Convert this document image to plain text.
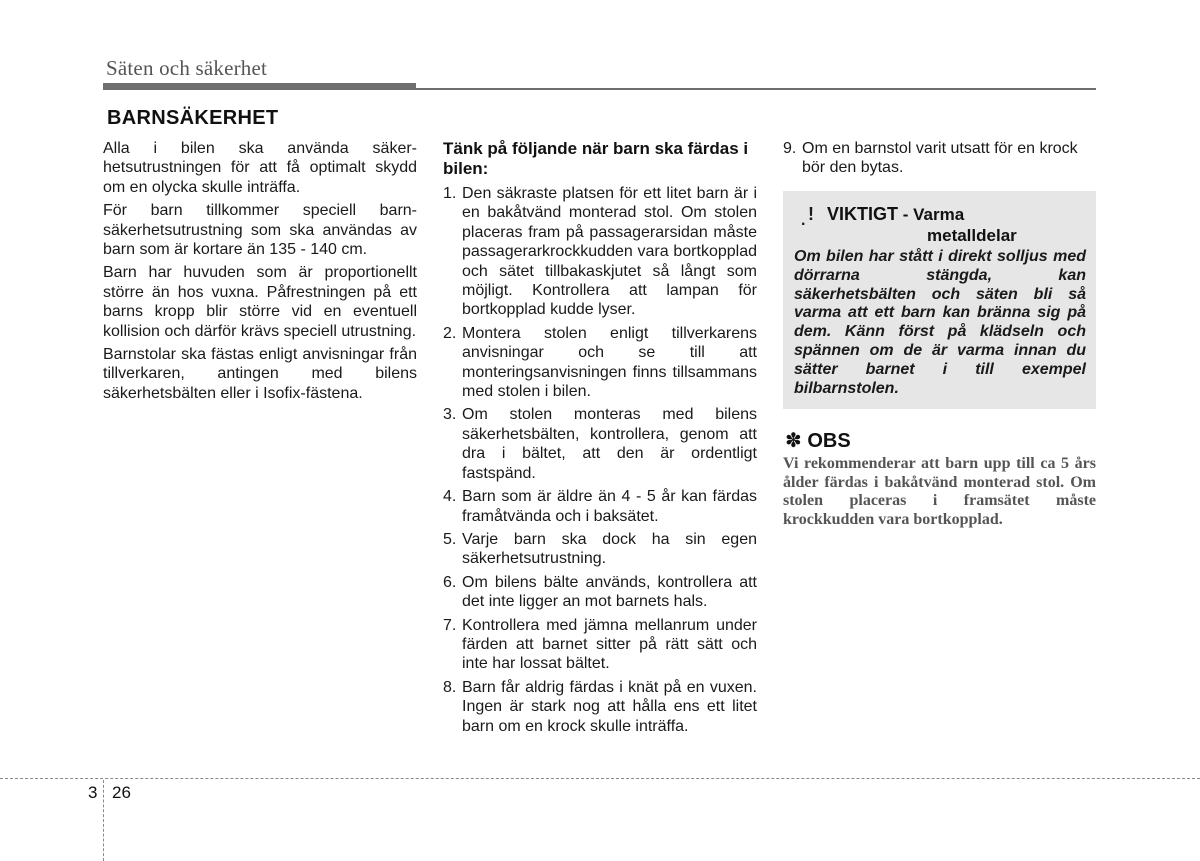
Säten och säkerhet
BARNSÄKERHET

Alla i bilen ska använda säkerhetsutrustningen för att få optimalt skydd om en olycka skulle inträffa.

För barn tillkommer speciell barnsäkerhetsutrustning som ska användas av barn som är kortare än 135 - 140 cm.

Barn har huvuden som är proportionellt större än hos vuxna. Påfrestningen på ett barns kropp blir större vid en eventuell kollision och därför krävs speciell utrustning.

Barnstolar ska fästas enligt anvisningar från tillverkaren, antingen med bilens säkerhetsbälten eller i Isofix-fästena.

Tänk på följande när barn ska färdas i bilen:
1. Den säkraste platsen för ett litet barn är i en bakåtvänd monterad stol. Om stolen placeras fram på passagerarsidan måste passagerarkrockkudden vara bortkopplad och sätet tillbakaskjutet så långt som möjligt. Kontrollera att lampan för bortkopplad kudde lyser.
2. Montera stolen enligt tillverkarens anvisningar och se till att monteringsanvisningen finns tillsammans med stolen i bilen.
3. Om stolen monteras med bilens säkerhetsbälten, kontrollera, genom att dra i bältet, att den är ordentligt fastspänd.
4. Barn som är äldre än 4 - 5 år kan färdas framåtvända och i baksätet.
5. Varje barn ska dock ha sin egen säkerhetsutrustning.
6. Om bilens bälte används, kontrollera att det inte ligger an mot barnets hals.
7. Kontrollera med jämna mellanrum under färden att barnet sitter på rätt sätt och inte har lossat bältet.
8. Barn får aldrig färdas i knät på en vuxen. Ingen är stark nog att hålla ens ett litet barn om en krock skulle inträffa.
9. Om en barnstol varit utsatt för en krock bör den bytas.
. ! VIKTIGT - Varma
metalldelar
Om bilen har stått i direkt solljus med dörrarna stängda, kan säkerhetsbälten och säten bli så varma att ett barn kan bränna sig på dem. Känn först på klädseln och spännen om de är varma innan du sätter barnet i till exempel bilbarnstolen.
✽ OBS

Vi rekommenderar att barn upp till ca 5 års ålder färdas i bakåtvänd monterad stol. Om stolen placeras i framsätet måste krockkudden vara bortkopplad.

3 26
